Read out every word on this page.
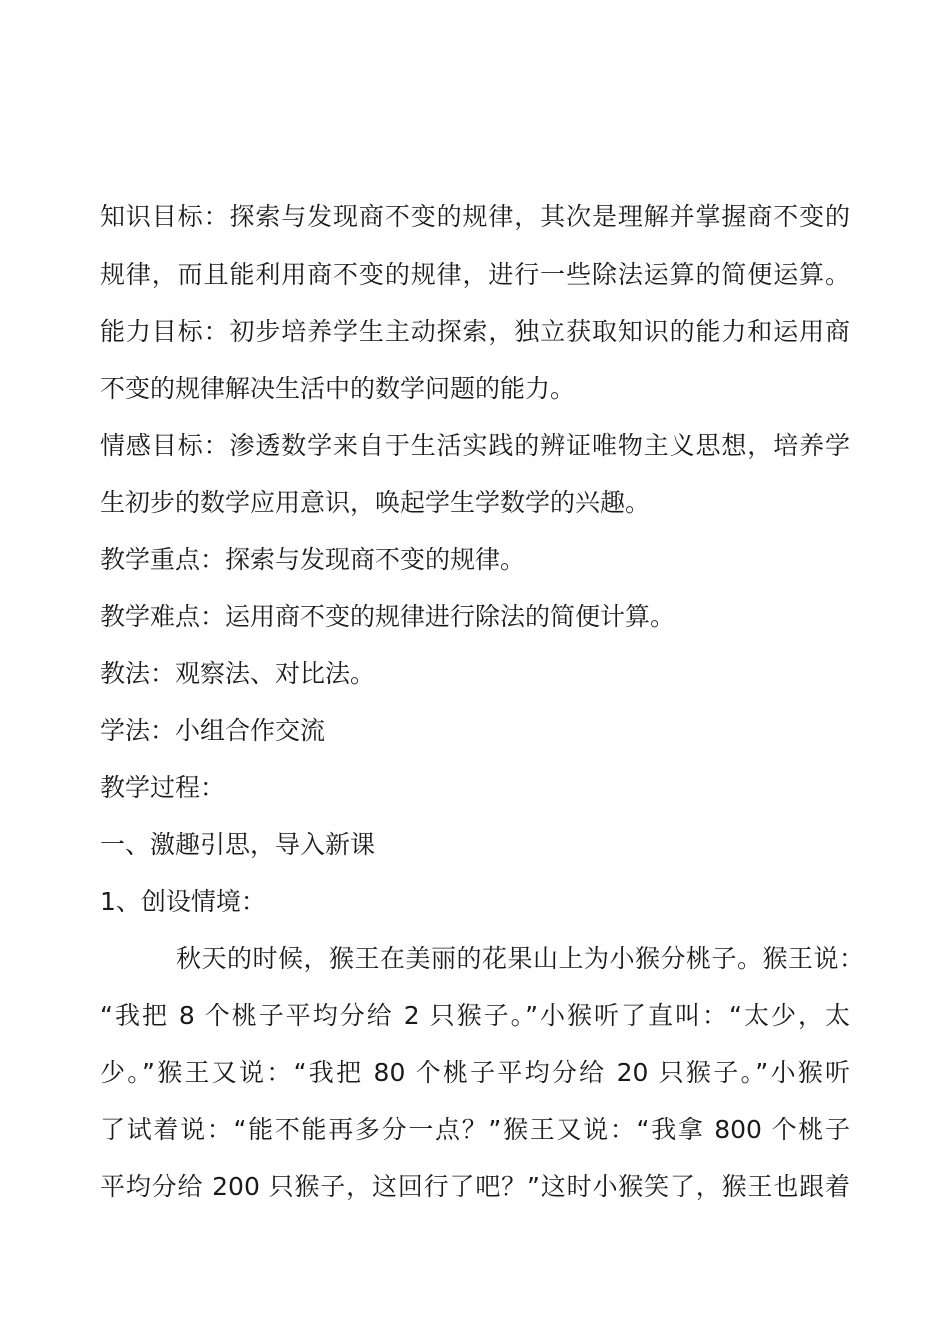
知识目标：探索与发现商不变的规律，其次是理解并掌握商不变的
规律，而且能利用商不变的规律，进行一些除法运算的简便运算。
能力目标：初步培养学生主动探索，独立获取知识的能力和运用商
不变的规律解决生活中的数学问题的能力。
情感目标：渗透数学来自于生活实践的辨证唯物主义思想，培养学
生初步的数学应用意识，唤起学生学数学的兴趣。
教学重点：探索与发现商不变的规律。
教学难点：运用商不变的规律进行除法的简便计算。
教法：观察法、对比法。
学法：小组合作交流
教学过程：
一、激趣引思，导入新课
1、创设情境：
秋天的时候，猴王在美丽的花果山上为小猴分桃子。猴王说：
“我把 8 个桃子平均分给 2 只猴子。”小猴听了直叫：“太少，太
少。”猴王又说：“我把 80 个桃子平均分给 20 只猴子。”小猴听
了试着说：“能不能再多分一点？”猴王又说：“我拿 800 个桃子
平均分给 200 只猴子，这回行了吧？”这时小猴笑了，猴王也跟着
